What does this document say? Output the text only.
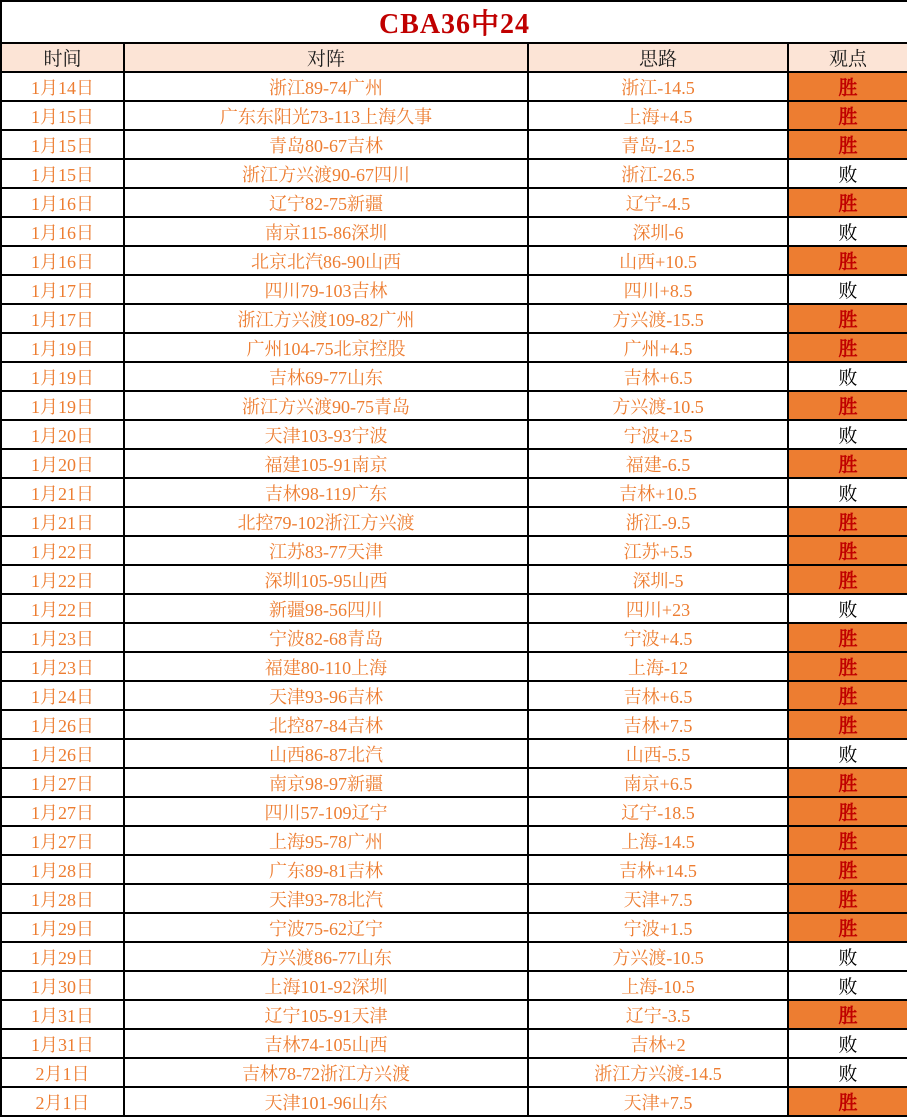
CBA36中24			
时间	对阵	思路	观点
1月14日	浙江89-74广州	浙江-14.5	胜
1月15日	广东东阳光73-113上海久事	上海+4.5	胜
1月15日	青岛80-67吉林	青岛-12.5	胜
1月15日	浙江方兴渡90-67四川	浙江-26.5	败
1月16日	辽宁82-75新疆	辽宁-4.5	胜
1月16日	南京115-86深圳	深圳-6	败
1月16日	北京北汽86-90山西	山西+10.5	胜
1月17日	四川79-103吉林	四川+8.5	败
1月17日	浙江方兴渡109-82广州	方兴渡-15.5	胜
1月19日	广州104-75北京控股	广州+4.5	胜
1月19日	吉林69-77山东	吉林+6.5	败
1月19日	浙江方兴渡90-75青岛	方兴渡-10.5	胜
1月20日	天津103-93宁波	宁波+2.5	败
1月20日	福建105-91南京	福建-6.5	胜
1月21日	吉林98-119广东	吉林+10.5	败
1月21日	北控79-102浙江方兴渡	浙江-9.5	胜
1月22日	江苏83-77天津	江苏+5.5	胜
1月22日	深圳105-95山西	深圳-5	胜
1月22日	新疆98-56四川	四川+23	败
1月23日	宁波82-68青岛	宁波+4.5	胜
1月23日	福建80-110上海	上海-12	胜
1月24日	天津93-96吉林	吉林+6.5	胜
1月26日	北控87-84吉林	吉林+7.5	胜
1月26日	山西86-87北汽	山西-5.5	败
1月27日	南京98-97新疆	南京+6.5	胜
1月27日	四川57-109辽宁	辽宁-18.5	胜
1月27日	上海95-78广州	上海-14.5	胜
1月28日	广东89-81吉林	吉林+14.5	胜
1月28日	天津93-78北汽	天津+7.5	胜
1月29日	宁波75-62辽宁	宁波+1.5	胜
1月29日	方兴渡86-77山东	方兴渡-10.5	败
1月30日	上海101-92深圳	上海-10.5	败
1月31日	辽宁105-91天津	辽宁-3.5	胜
1月31日	吉林74-105山西	吉林+2	败
2月1日	吉林78-72浙江方兴渡	浙江方兴渡-14.5	败
2月1日	天津101-96山东	天津+7.5	胜
